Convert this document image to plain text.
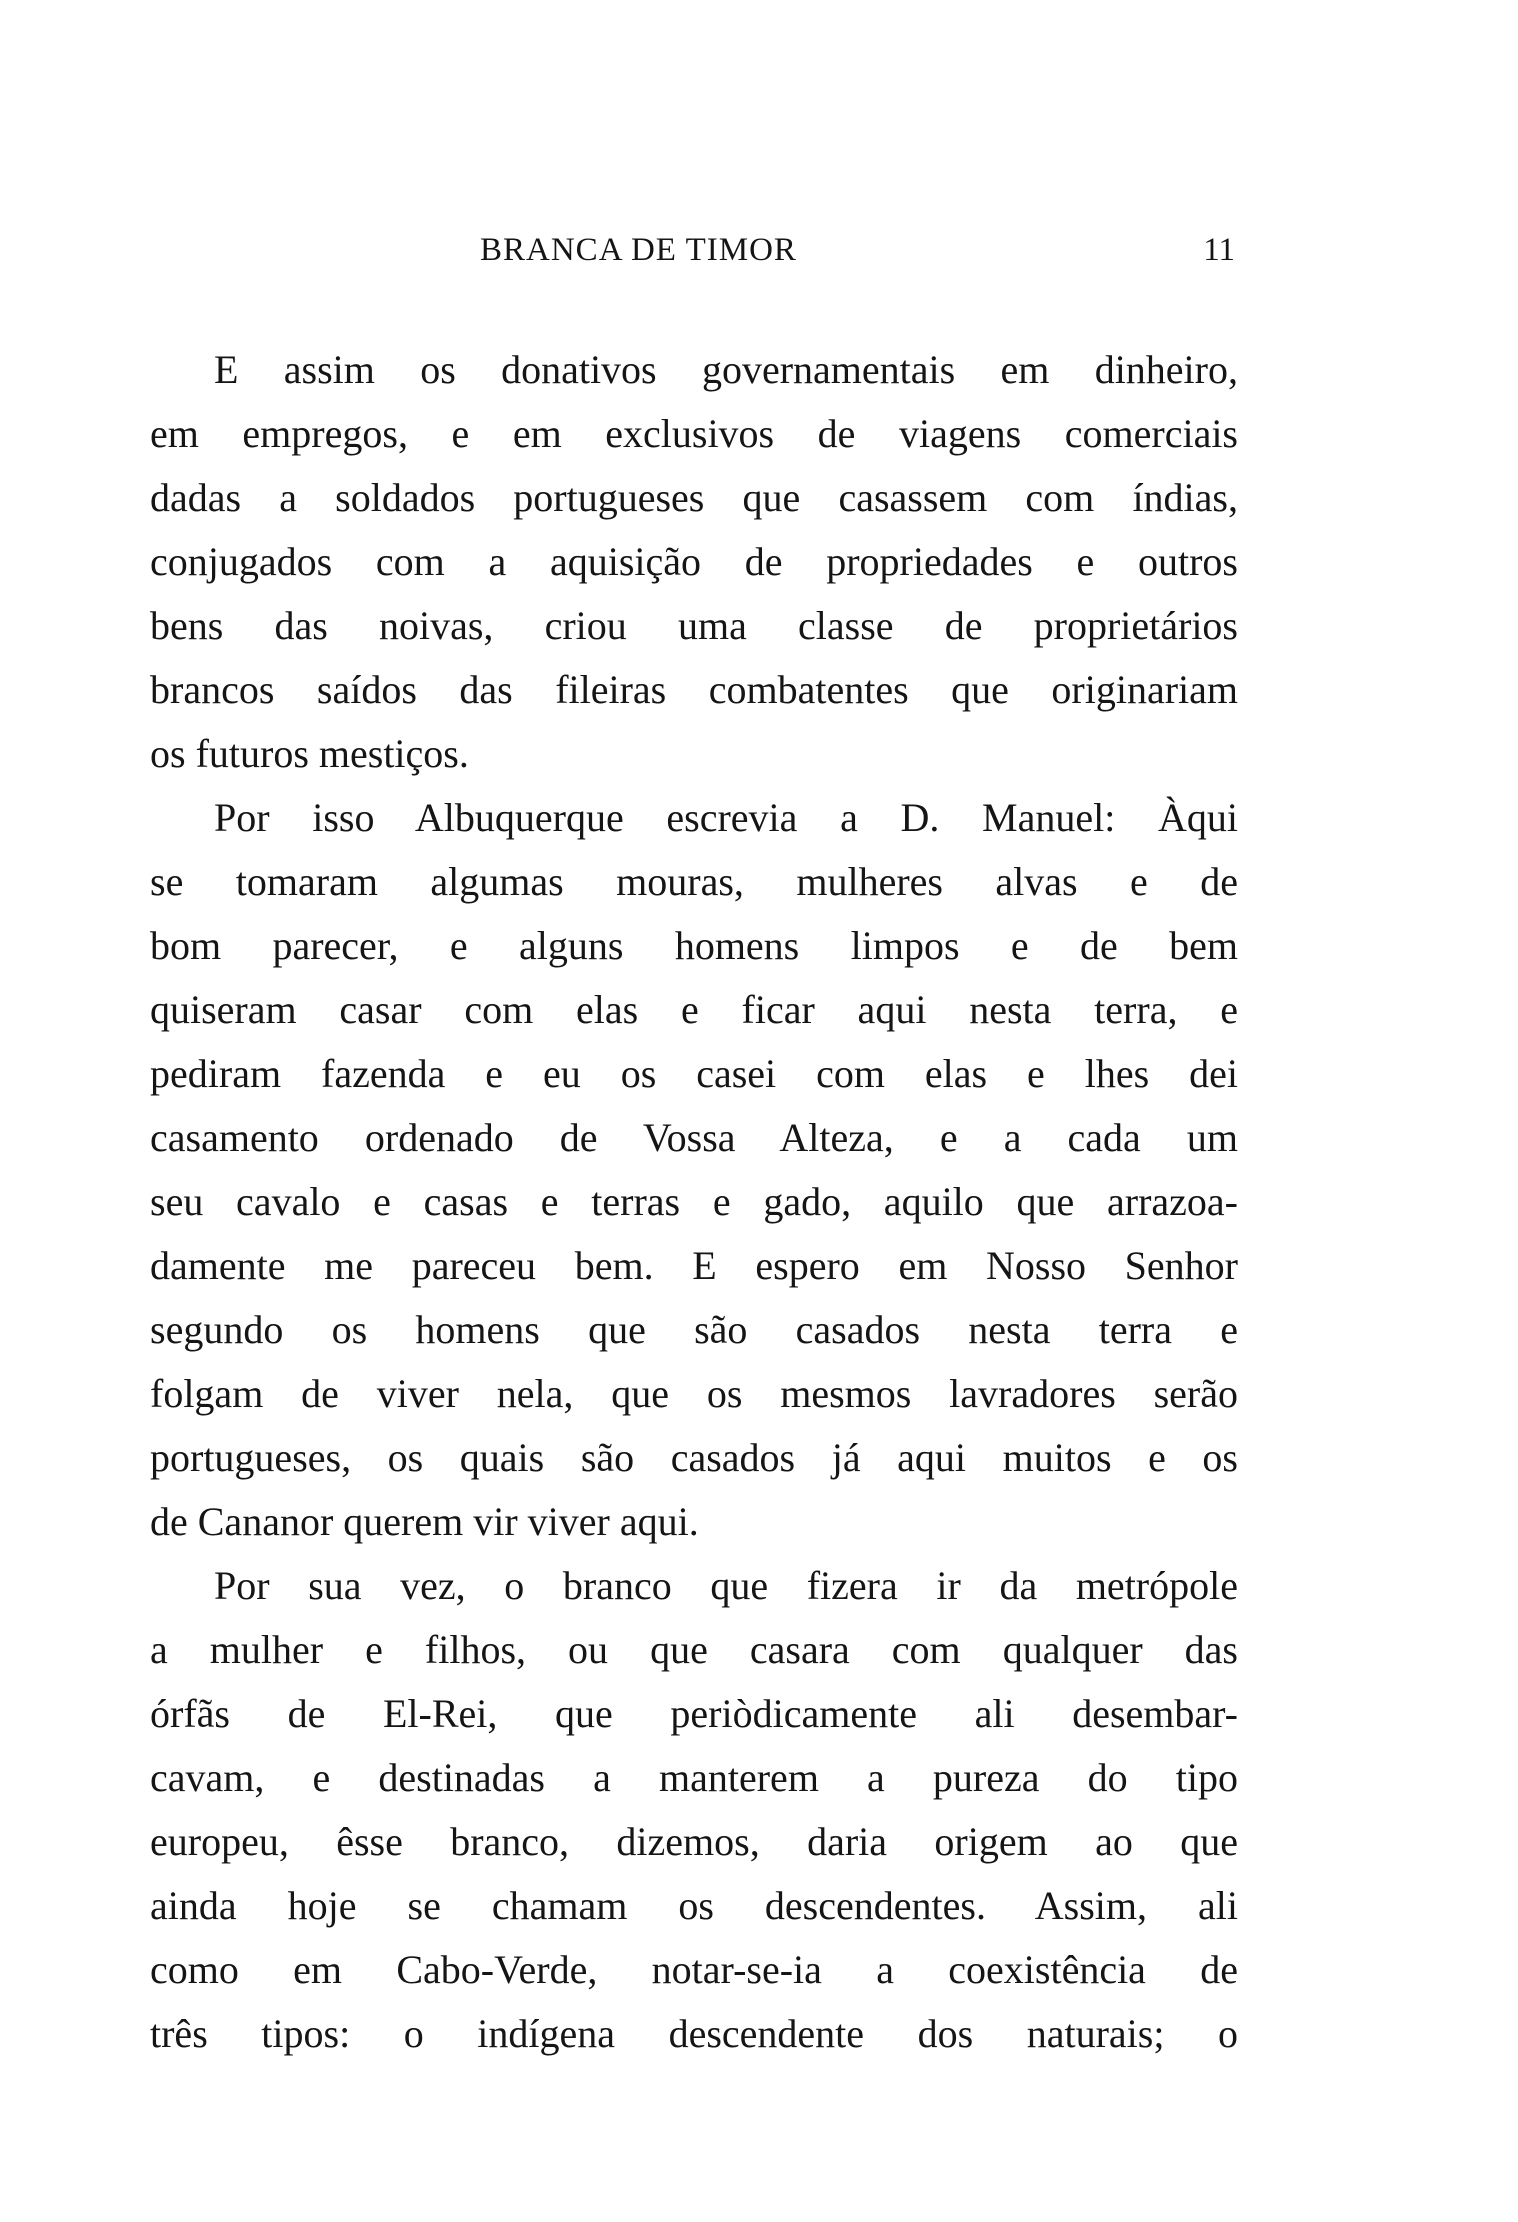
BRANCA DE TIMOR	11
E assim os donativos governamentais em dinheiro,
em empregos, e em exclusivos de viagens comerciais
dadas a soldados portugueses que casassem com índias,
conjugados com a aquisição de propriedades e outros
bens das noivas, criou uma classe de proprietários
brancos saídos das fileiras combatentes que originariam
os futuros mestiços.
Por isso Albuquerque escrevia a D. Manuel: Àqui
se tomaram algumas mouras, mulheres alvas e de
bom parecer, e alguns homens limpos e de bem
quiseram casar com elas e ficar aqui nesta terra, e
pediram fazenda e eu os casei com elas e lhes dei
casamento ordenado de Vossa Alteza, e a cada um
seu cavalo e casas e terras e gado, aquilo que arrazoa-
damente me pareceu bem. E espero em Nosso Senhor
segundo os homens que são casados nesta terra e
folgam de viver nela, que os mesmos lavradores serão
portugueses, os quais são casados já aqui muitos e os
de Cananor querem vir viver aqui.
Por sua vez, o branco que fizera ir da metrópole
a mulher e filhos, ou que casara com qualquer das
órfãs de El-Rei, que periòdicamente ali desembar-
cavam, e destinadas a manterem a pureza do tipo
europeu, êsse branco, dizemos, daria origem ao que
ainda hoje se chamam os descendentes. Assim, ali
como em Cabo-Verde, notar-se-ia a coexistência de
três tipos: o indígena descendente dos naturais; o
